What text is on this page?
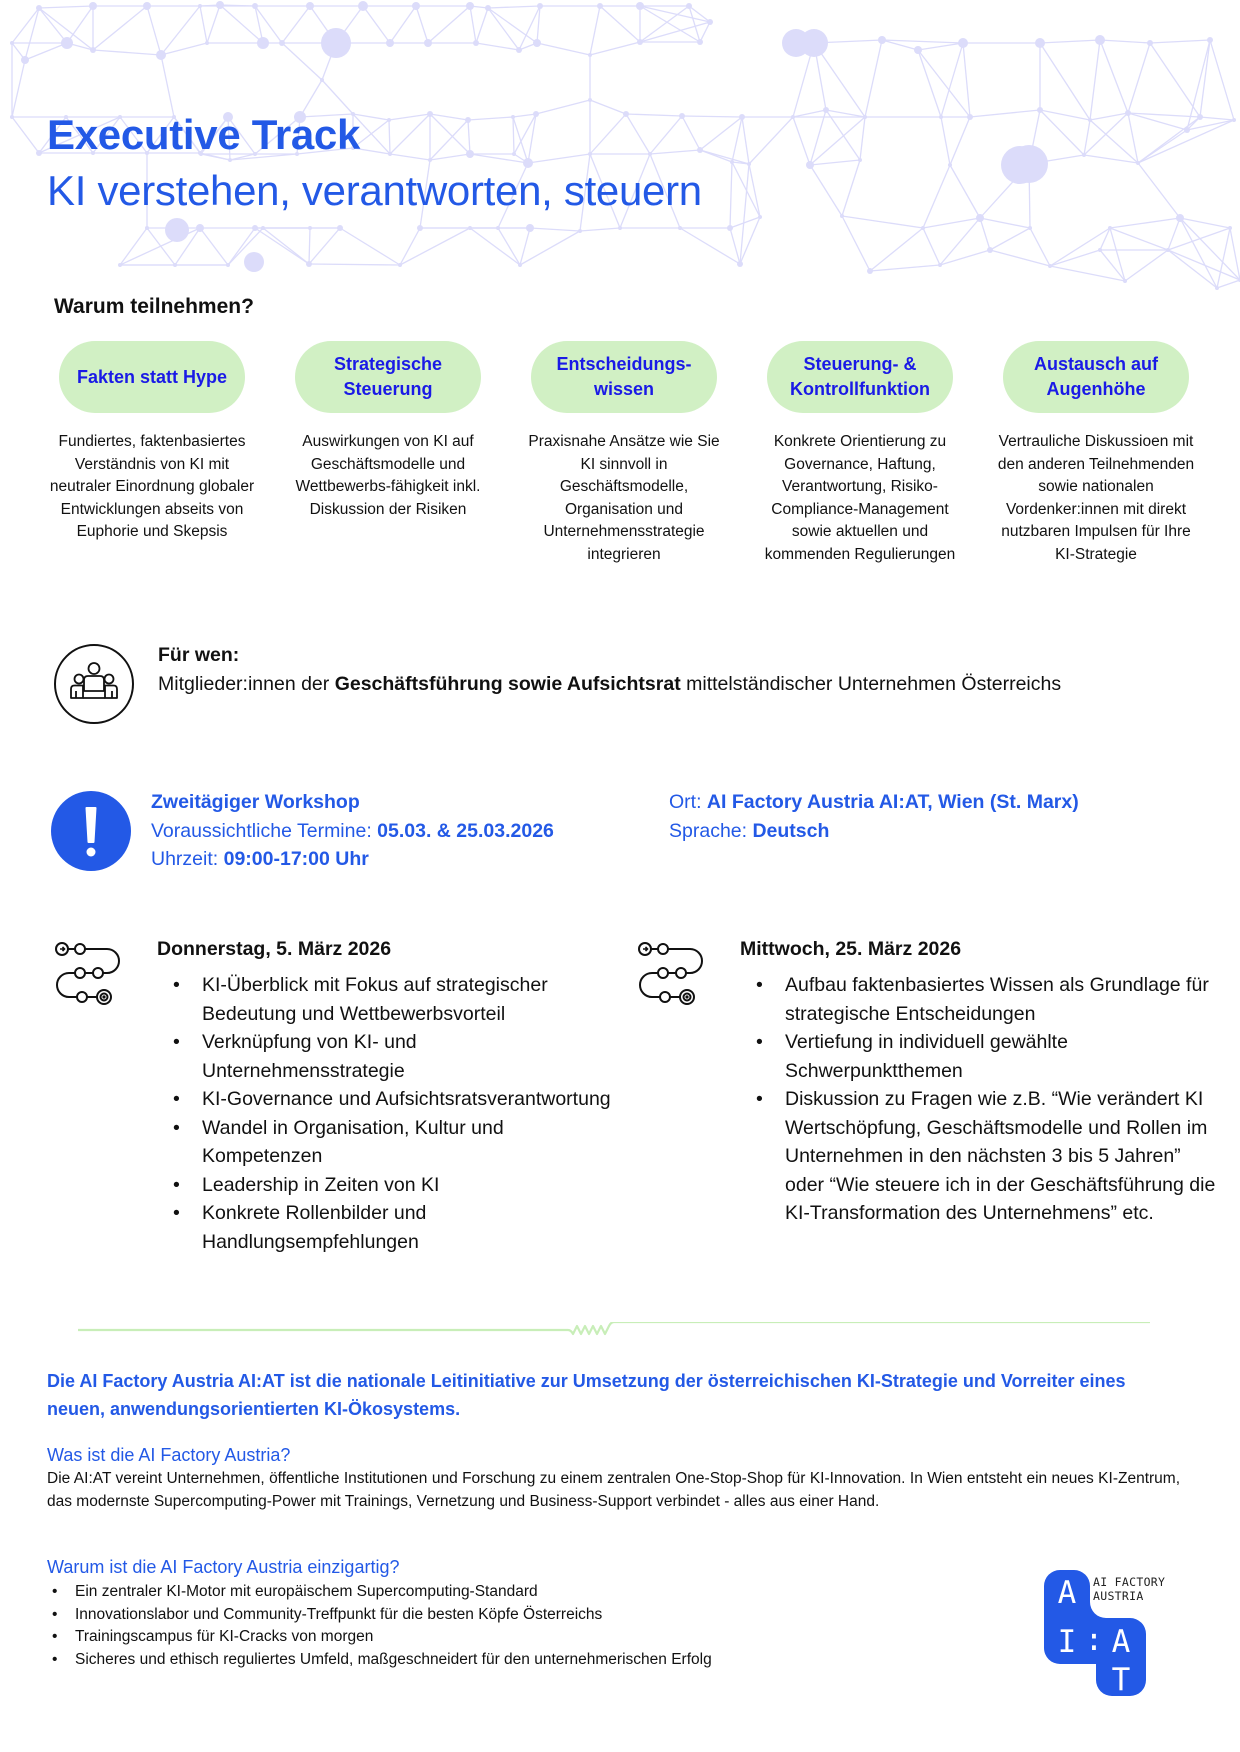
Executive Track
KI verstehen, verantworten, steuern
Warum teilnehmen?
Fakten statt Hype
Fundiertes, faktenbasiertes Verständnis von KI mit neutraler Einordnung globaler Entwicklungen abseits von Euphorie und Skepsis
Strategische Steuerung
Auswirkungen von KI auf Geschäftsmodelle und Wettbewerbs-fähigkeit inkl. Diskussion der Risiken
Entscheidungs-wissen
Praxisnahe Ansätze wie Sie KI sinnvoll in Geschäftsmodelle, Organisation und Unternehmensstrategie integrieren
Steuerung- & Kontrollfunktion
Konkrete Orientierung zu Governance, Haftung, Verantwortung, Risiko- Compliance-Management sowie aktuellen und kommenden Regulierungen
Austausch auf Augenhöhe
Vertrauliche Diskussioen mit den anderen Teilnehmenden sowie nationalen Vordenker:innen mit direkt nutzbaren Impulsen für Ihre KI-Strategie
Für wen:
Mitglieder:innen der Geschäftsführung sowie Aufsichtsrat mittelständischer Unternehmen Österreichs
Zweitägiger Workshop
Voraussichtliche Termine: 05.03. & 25.03.2026
Uhrzeit: 09:00-17:00 Uhr
Ort: AI Factory Austria AI:AT, Wien (St. Marx)
Sprache: Deutsch
Donnerstag, 5. März 2026
• KI-Überblick mit Fokus auf strategischer Bedeutung und Wettbewerbsvorteil
• Verknüpfung von KI- und Unternehmensstrategie
• KI-Governance und Aufsichtsratsverantwortung
• Wandel in Organisation, Kultur und Kompetenzen
• Leadership in Zeiten von KI
• Konkrete Rollenbilder und Handlungsempfehlungen
Mittwoch, 25. März 2026
• Aufbau faktenbasiertes Wissen als Grundlage für strategische Entscheidungen
• Vertiefung in individuell gewählte Schwerpunktthemen
• Diskussion zu Fragen wie z.B. “Wie verändert KI Wertschöpfung, Geschäftsmodelle und Rollen im Unternehmen in den nächsten 3 bis 5 Jahren” oder “Wie steuere ich in der Geschäftsführung die KI-Transformation des Unternehmens” etc.
Die AI Factory Austria AI:AT ist die nationale Leitinitiative zur Umsetzung der österreichischen KI-Strategie und Vorreiter eines neuen, anwendungsorientierten KI-Ökosystems.
Was ist die AI Factory Austria?
Die AI:AT vereint Unternehmen, öffentliche Institutionen und Forschung zu einem zentralen One-Stop-Shop für KI-Innovation. In Wien entsteht ein neues KI-Zentrum, das modernste Supercomputing-Power mit Trainings, Vernetzung und Business-Support verbindet - alles aus einer Hand.
Warum ist die AI Factory Austria einzigartig?
• Ein zentraler KI-Motor mit europäischem Supercomputing-Standard
• Innovationslabor und Community-Treffpunkt für die besten Köpfe Österreichs
• Trainingscampus für KI-Cracks von morgen
• Sicheres und ethisch reguliertes Umfeld, maßgeschneidert für den unternehmerischen Erfolg
A
I : A
T
AI FACTORY
AUSTRIA
